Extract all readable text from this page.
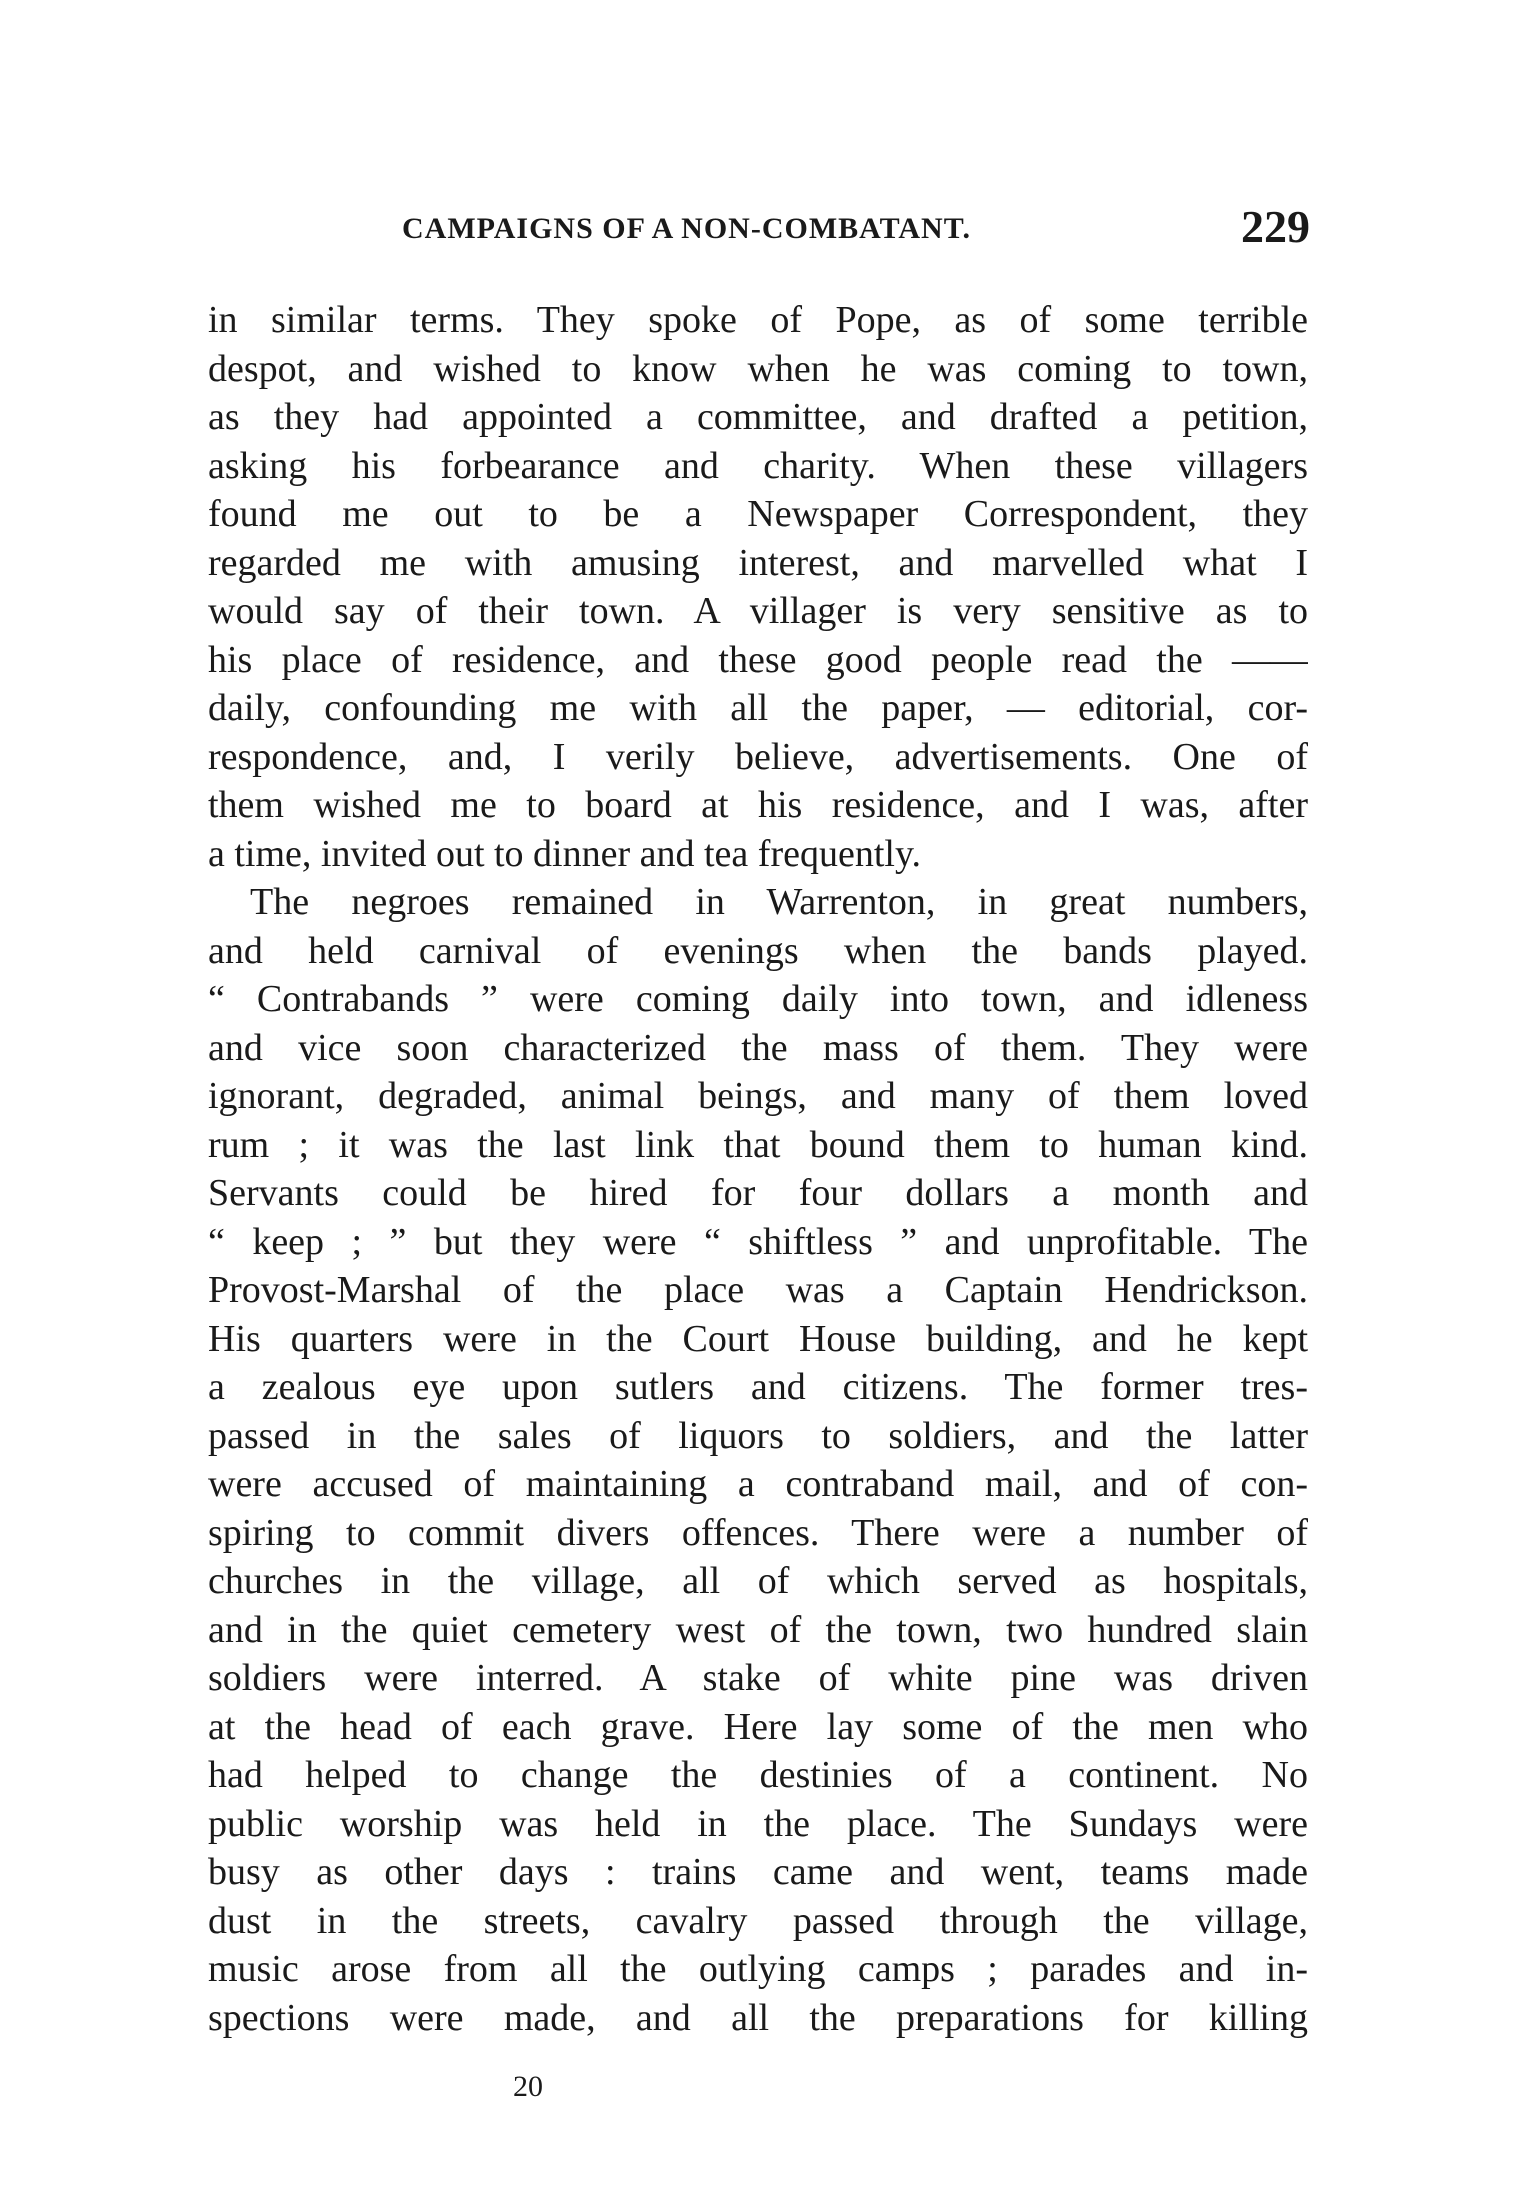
CAMPAIGNS OF A NON-COMBATANT.	229
in similar terms. They spoke of Pope, as of some terrible
despot, and wished to know when he was coming to town,
as they had appointed a committee, and drafted a petition,
asking his forbearance and charity. When these villagers
found me out to be a Newspaper Correspondent, they
regarded me with amusing interest, and marvelled what I
would say of their town. A villager is very sensitive as to
his place of residence, and these good people read the ——
daily, confounding me with all the paper, — editorial, cor-
respondence, and, I verily believe, advertisements. One of
them wished me to board at his residence, and I was, after
a time, invited out to dinner and tea frequently.
The negroes remained in Warrenton, in great numbers,
and held carnival of evenings when the bands played.
“ Contrabands ” were coming daily into town, and idleness
and vice soon characterized the mass of them. They were
ignorant, degraded, animal beings, and many of them loved
rum ; it was the last link that bound them to human kind.
Servants could be hired for four dollars a month and
“ keep ; ” but they were “ shiftless ” and unprofitable. The
Provost-Marshal of the place was a Captain Hendrickson.
His quarters were in the Court House building, and he kept
a zealous eye upon sutlers and citizens. The former tres-
passed in the sales of liquors to soldiers, and the latter
were accused of maintaining a contraband mail, and of con-
spiring to commit divers offences. There were a number of
churches in the village, all of which served as hospitals,
and in the quiet cemetery west of the town, two hundred slain
soldiers were interred. A stake of white pine was driven
at the head of each grave. Here lay some of the men who
had helped to change the destinies of a continent. No
public worship was held in the place. The Sundays were
busy as other days : trains came and went, teams made
dust in the streets, cavalry passed through the village,
music arose from all the outlying camps ; parades and in-
spections were made, and all the preparations for killing
20
